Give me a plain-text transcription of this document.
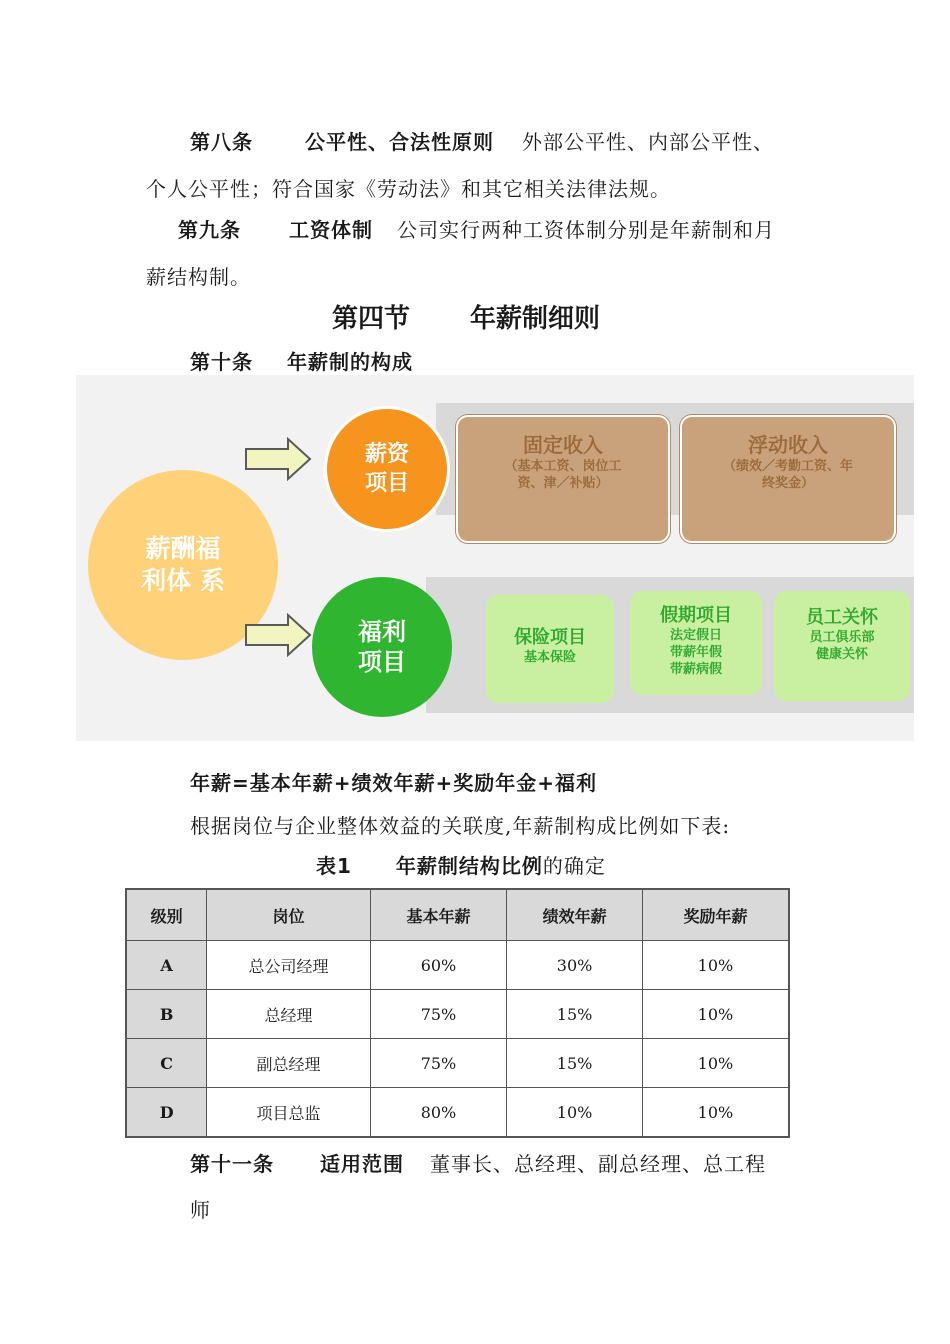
第八条	公平性、合法性原则 外部公平性、内部公平性、
个人公平性；符合国家《劳动法》和其它相关法律法规。
第九条 工资体制 公司实行两种工资体制分别是年薪制和月
薪结构制。
第四节 年薪制细则
第十条 年薪制的构成
薪酬福
利体 系
薪资
项目
福利
项目
固定收入
（基本工资、岗位工
资、津／补贴）
浮动收入
（绩效／考勤工资、年
终奖金）
保险项目
基本保险
假期项目
法定假日
带薪年假
带薪病假
员工关怀
员工俱乐部
健康关怀
年薪=基本年薪+绩效年薪+奖励年金+福利
根据岗位与企业整体效益的关联度,年薪制构成比例如下表:
表1 年薪制结构比例的确定
级别	岗位	基本年薪	绩效年薪	奖励年薪
A	总公司经理	60%	30%	10%
B	总经理	75%	15%	10%
C	副总经理	75%	15%	10%
D	项目总监	80%	10%	10%
第十一条 适用范围 董事长、总经理、副总经理、总工程
师
